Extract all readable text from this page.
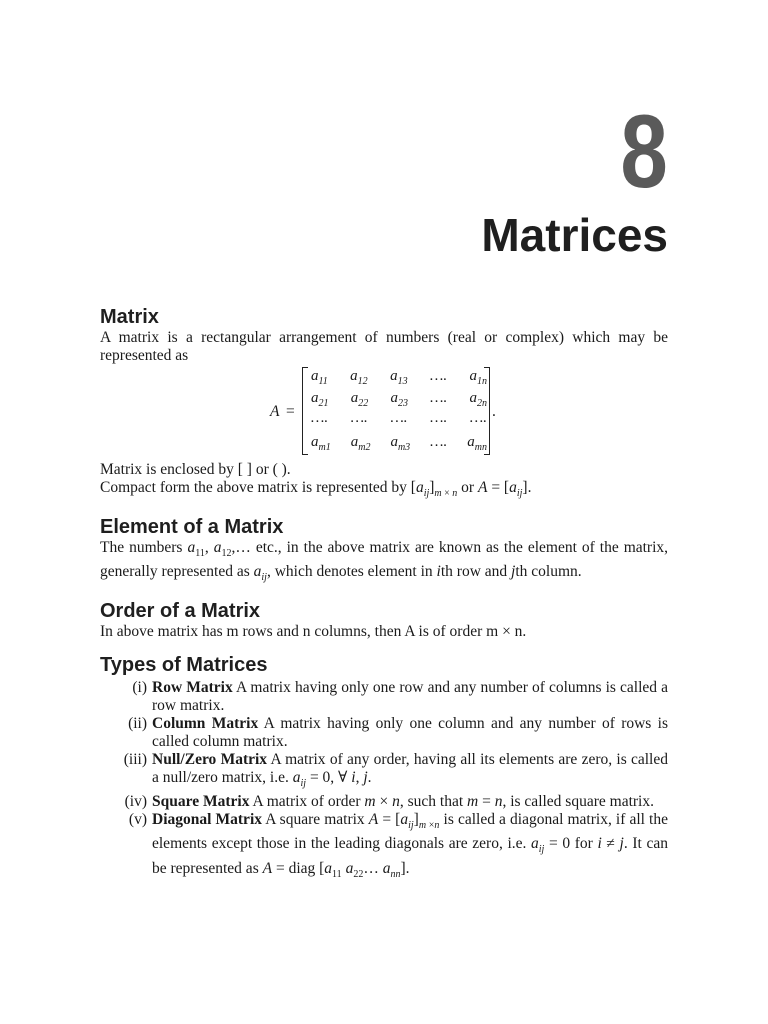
8
Matrices
Matrix

A matrix is a rectangular arrangement of numbers (real or complex) which may be represented as

A =
$a_{11}$ $a_{12}$ $a_{13}$ …. $a_{1n}$
$a_{21}$ $a_{22}$ $a_{23}$ …. $a_{2n}$
…. …. …. …. ….
$a_{m1}$ $a_{m2}$ $a_{m3}$ …. $a_{mn}$
.

Matrix is enclosed by [ ] or ( ).

Compact form the above matrix is represented by $[a_{ij}]_{m \times n}$ or $A = [a_{ij}]$.

Element of a Matrix

The numbers $a_{11}$, $a_{12},\dots$ etc., in the above matrix are known as the element of the matrix, generally represented as $a_{ij}$, which denotes element in ith row and jth column.

Order of a Matrix

In above matrix has m rows and n columns, then A is of order m × n.

Types of Matrices
(i) Row Matrix A matrix having only one row and any number of columns is called a row matrix.
(ii) Column Matrix A matrix having only one column and any number of rows is called column matrix.
(iii) Null/Zero Matrix A matrix of any order, having all its elements are zero, is called a null/zero matrix, i.e. $a_{ij} = 0$, ∀ i, j.
(iv) Square Matrix A matrix of order m × n, such that m = n, is called square matrix.
(v) Diagonal Matrix A square matrix $A = [a_{ij}]_{m \times n}$ is called a diagonal matrix, if all the elements except those in the leading diagonals are zero, i.e. $a_{ij} = 0$ for i ≠ j. It can be represented as A = diag [$a_{11}$ $a_{22}\dots$ $a_{nn}$].
